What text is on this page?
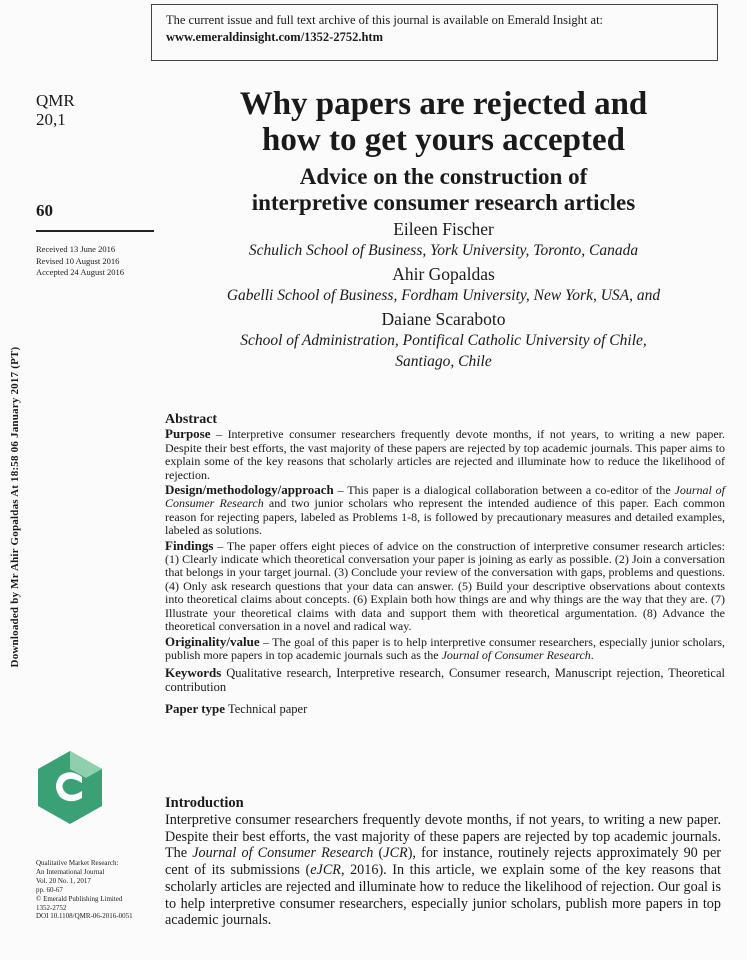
The current issue and full text archive of this journal is available on Emerald Insight at:
www.emeraldinsight.com/1352-2752.htm
QMR
20,1
60
Received 13 June 2016
Revised 10 August 2016
Accepted 24 August 2016
Downloaded by Mr Ahir Gopaldas At 18:58 06 January 2017 (PT)
Why papers are rejected and
how to get yours accepted
Advice on the construction of
interpretive consumer research articles
Eileen Fischer
Schulich School of Business, York University, Toronto, Canada
Ahir Gopaldas
Gabelli School of Business, Fordham University, New York, USA, and
Daiane Scaraboto
School of Administration, Pontifical Catholic University of Chile,
Santiago, Chile
Abstract

Purpose – Interpretive consumer researchers frequently devote months, if not years, to writing a new paper. Despite their best efforts, the vast majority of these papers are rejected by top academic journals. This paper aims to explain some of the key reasons that scholarly articles are rejected and illuminate how to reduce the likelihood of rejection.

Design/methodology/approach – This paper is a dialogical collaboration between a co-editor of the Journal of Consumer Research and two junior scholars who represent the intended audience of this paper. Each common reason for rejecting papers, labeled as Problems 1-8, is followed by precautionary measures and detailed examples, labeled as solutions.

Findings – The paper offers eight pieces of advice on the construction of interpretive consumer research articles: (1) Clearly indicate which theoretical conversation your paper is joining as early as possible. (2) Join a conversation that belongs in your target journal. (3) Conclude your review of the conversation with gaps, problems and questions. (4) Only ask research questions that your data can answer. (5) Build your descriptive observations about contexts into theoretical claims about concepts. (6) Explain both how things are and why things are the way that they are. (7) Illustrate your theoretical claims with data and support them with theoretical argumentation. (8) Advance the theoretical conversation in a novel and radical way.

Originality/value – The goal of this paper is to help interpretive consumer researchers, especially junior scholars, publish more papers in top academic journals such as the Journal of Consumer Research.

Keywords Qualitative research, Interpretive research, Consumer research, Manuscript rejection, Theoretical contribution

Paper type Technical paper

Qualitative Market Research:
An International Journal
Vol. 20 No. 1, 2017
pp. 60-67
© Emerald Publishing Limited
1352-2752
DOI 10.1108/QMR-06-2016-0051
Introduction

Interpretive consumer researchers frequently devote months, if not years, to writing a new paper. Despite their best efforts, the vast majority of these papers are rejected by top academic journals. The Journal of Consumer Research (JCR), for instance, routinely rejects approximately 90 per cent of its submissions (eJCR, 2016). In this article, we explain some of the key reasons that scholarly articles are rejected and illuminate how to reduce the likelihood of rejection. Our goal is to help interpretive consumer researchers, especially junior scholars, publish more papers in top academic journals.
